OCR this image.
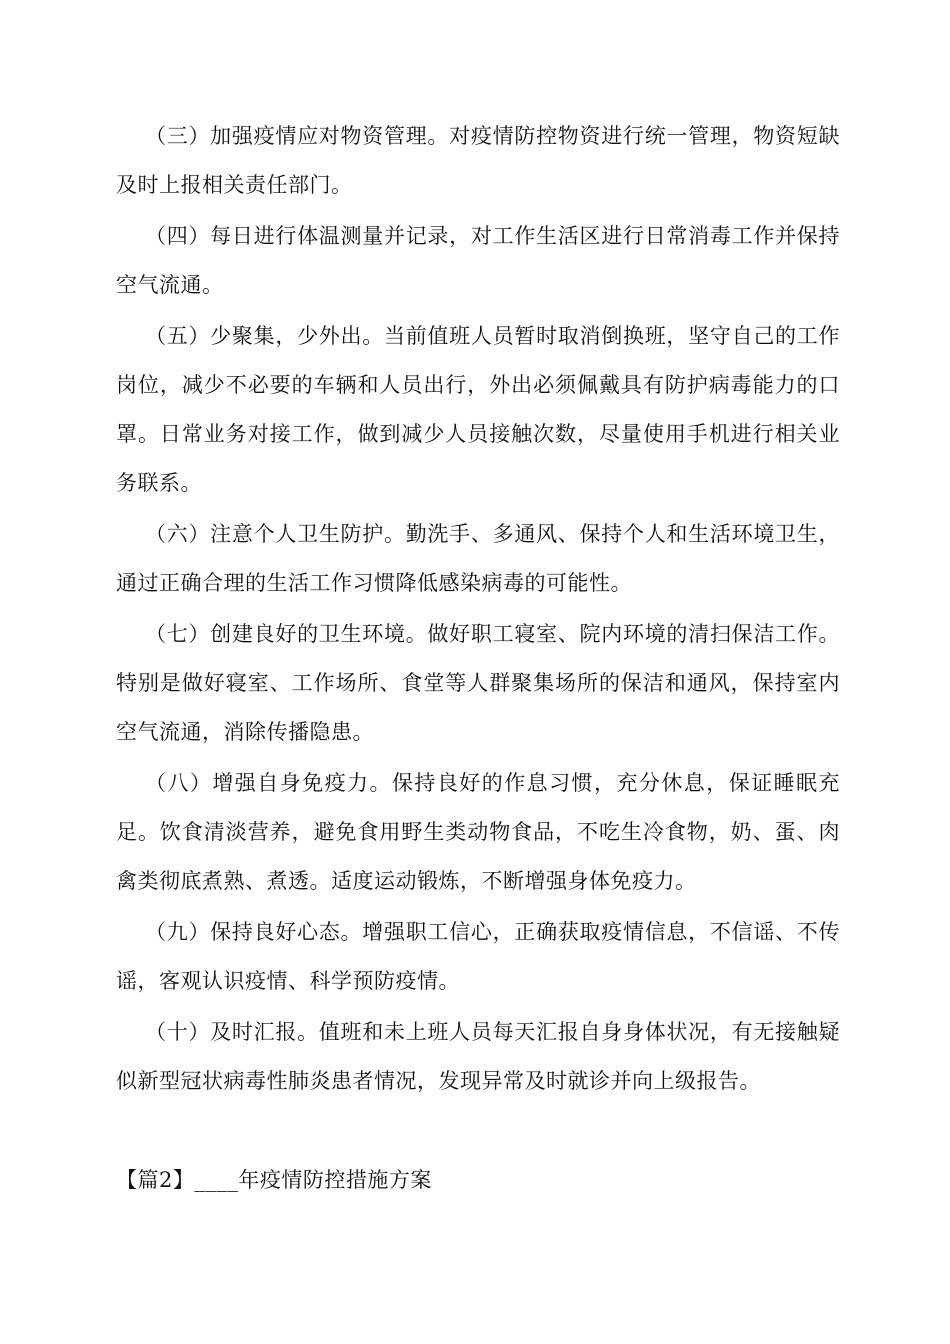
（三）加强疫情应对物资管理。对疫情防控物资进行统一管理，物资短缺及时上报相关责任部门。

（四）每日进行体温测量并记录，对工作生活区进行日常消毒工作并保持空气流通。

（五）少聚集，少外出。当前值班人员暂时取消倒换班，坚守自己的工作岗位，减少不必要的车辆和人员出行，外出必须佩戴具有防护病毒能力的口罩。日常业务对接工作，做到减少人员接触次数，尽量使用手机进行相关业务联系。

（六）注意个人卫生防护。勤洗手、多通风、保持个人和生活环境卫生，通过正确合理的生活工作习惯降低感染病毒的可能性。

（七）创建良好的卫生环境。做好职工寝室、院内环境的清扫保洁工作。特别是做好寝室、工作场所、食堂等人群聚集场所的保洁和通风，保持室内空气流通，消除传播隐患。

（八）增强自身免疫力。保持良好的作息习惯，充分休息，保证睡眠充足。饮食清淡营养，避免食用野生类动物食品，不吃生冷食物，奶、蛋、肉禽类彻底煮熟、煮透。适度运动锻炼，不断增强身体免疫力。

（九）保持良好心态。增强职工信心，正确获取疫情信息，不信谣、不传谣，客观认识疫情、科学预防疫情。

（十）及时汇报。值班和未上班人员每天汇报自身身体状况，有无接触疑似新型冠状病毒性肺炎患者情况，发现异常及时就诊并向上级报告。

【篇2】____年疫情防控措施方案
